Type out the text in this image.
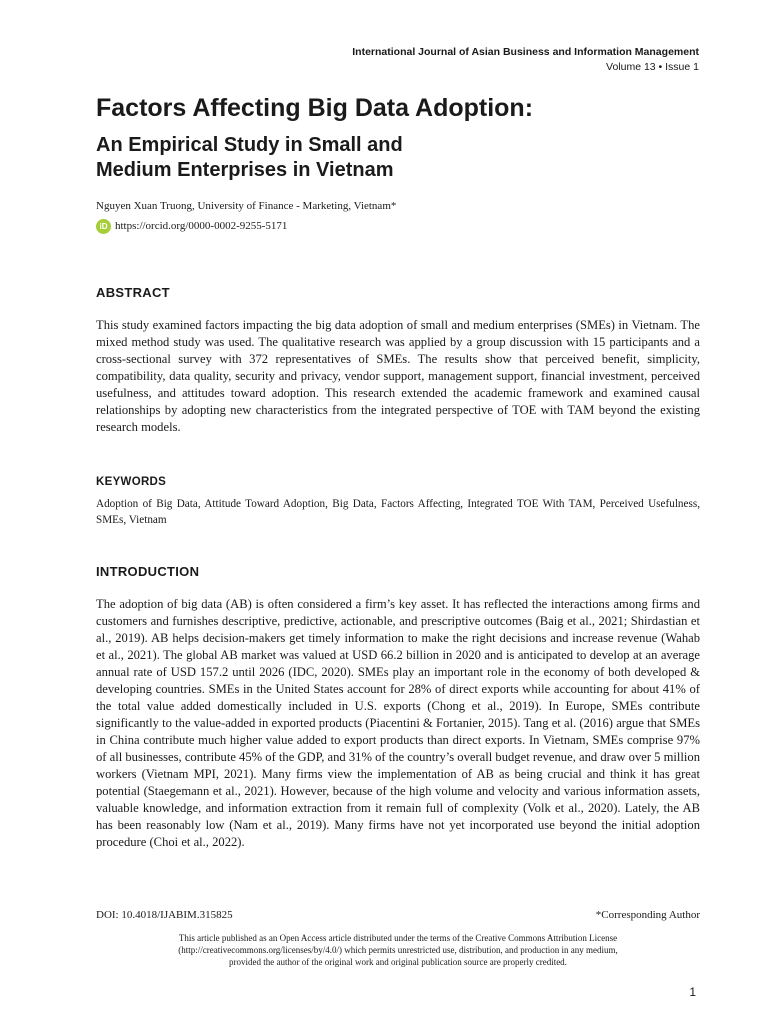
International Journal of Asian Business and Information Management
Volume 13 • Issue 1
Factors Affecting Big Data Adoption:
An Empirical Study in Small and
Medium Enterprises in Vietnam
Nguyen Xuan Truong, University of Finance - Marketing, Vietnam*
iD https://orcid.org/0000-0002-9255-5171
ABSTRACT

This study examined factors impacting the big data adoption of small and medium enterprises (SMEs) in Vietnam. The mixed method study was used. The qualitative research was applied by a group discussion with 15 participants and a cross-sectional survey with 372 representatives of SMEs. The results show that perceived benefit, simplicity, compatibility, data quality, security and privacy, vendor support, management support, financial investment, perceived usefulness, and attitudes toward adoption. This research extended the academic framework and examined causal relationships by adopting new characteristics from the integrated perspective of TOE with TAM beyond the existing research models.

KEYWORDS

Adoption of Big Data, Attitude Toward Adoption, Big Data, Factors Affecting, Integrated TOE With TAM, Perceived Usefulness, SMEs, Vietnam

INTRODUCTION

The adoption of big data (AB) is often considered a firm’s key asset. It has reflected the interactions among firms and customers and furnishes descriptive, predictive, actionable, and prescriptive outcomes (Baig et al., 2021; Shirdastian et al., 2019). AB helps decision-makers get timely information to make the right decisions and increase revenue (Wahab et al., 2021). The global AB market was valued at USD 66.2 billion in 2020 and is anticipated to develop at an average annual rate of USD 157.2 until 2026 (IDC, 2020). SMEs play an important role in the economy of both developed & developing countries. SMEs in the United States account for 28% of direct exports while accounting for about 41% of the total value added domestically included in U.S. exports (Chong et al., 2019). In Europe, SMEs contribute significantly to the value-added in exported products (Piacentini & Fortanier, 2015). Tang et al. (2016) argue that SMEs in China contribute much higher value added to export products than direct exports. In Vietnam, SMEs comprise 97% of all businesses, contribute 45% of the GDP, and 31% of the country’s overall budget revenue, and draw over 5 million workers (Vietnam MPI, 2021). Many firms view the implementation of AB as being crucial and think it has great potential (Staegemann et al., 2021). However, because of the high volume and velocity and various information assets, valuable knowledge, and information extraction from it remain full of complexity (Volk et al., 2020). Lately, the AB has been reasonably low (Nam et al., 2019). Many firms have not yet incorporated use beyond the initial adoption procedure (Choi et al., 2022).

DOI: 10.4018/IJABIM.315825	*Corresponding Author
This article published as an Open Access article distributed under the terms of the Creative Commons Attribution License
(http://creativecommons.org/licenses/by/4.0/) which permits unrestricted use, distribution, and production in any medium,
provided the author of the original work and original publication source are properly credited.
1
